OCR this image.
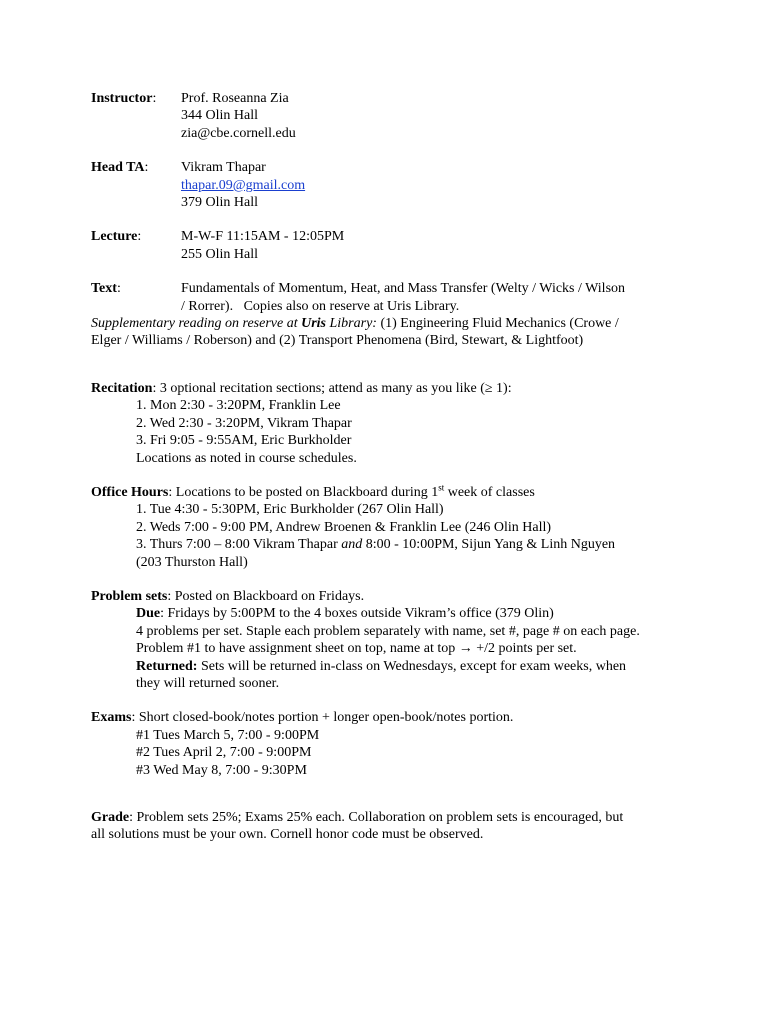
Instructor:	Prof. Roseanna Zia
344 Olin Hall
zia@cbe.cornell.edu
Head TA:	Vikram Thapar
thapar.09@gmail.com
379 Olin Hall
Lecture:	M-W-F 11:15AM - 12:05PM
255 Olin Hall
Text:	Fundamentals of Momentum, Heat, and Mass Transfer (Welty / Wicks / Wilson
/ Rorrer).   Copies also on reserve at Uris Library.
Supplementary reading on reserve at Uris Library: (1) Engineering Fluid Mechanics (Crowe /
Elger / Williams / Roberson) and (2) Transport Phenomena (Bird, Stewart, & Lightfoot)
Recitation: 3 optional recitation sections; attend as many as you like (≥ 1):
1. Mon 2:30 - 3:20PM, Franklin Lee
2. Wed 2:30 - 3:20PM, Vikram Thapar
3. Fri 9:05 - 9:55AM, Eric Burkholder
Locations as noted in course schedules.
Office Hours: Locations to be posted on Blackboard during 1st week of classes
1. Tue 4:30 - 5:30PM, Eric Burkholder (267 Olin Hall)
2. Weds 7:00 - 9:00 PM, Andrew Broenen & Franklin Lee (246 Olin Hall)
3. Thurs 7:00 – 8:00 Vikram Thapar and 8:00 - 10:00PM, Sijun Yang & Linh Nguyen
(203 Thurston Hall)
Problem sets: Posted on Blackboard on Fridays.
Due: Fridays by 5:00PM to the 4 boxes outside Vikram’s office (379 Olin)
4 problems per set. Staple each problem separately with name, set #, page # on each page.
Problem #1 to have assignment sheet on top, name at top → +/2 points per set.
Returned: Sets will be returned in-class on Wednesdays, except for exam weeks, when
they will returned sooner.
Exams: Short closed-book/notes portion + longer open-book/notes portion.
#1 Tues March 5, 7:00 - 9:00PM
#2 Tues April 2, 7:00 - 9:00PM
#3 Wed May 8, 7:00 - 9:30PM
Grade: Problem sets 25%; Exams 25% each. Collaboration on problem sets is encouraged, but
all solutions must be your own. Cornell honor code must be observed.
